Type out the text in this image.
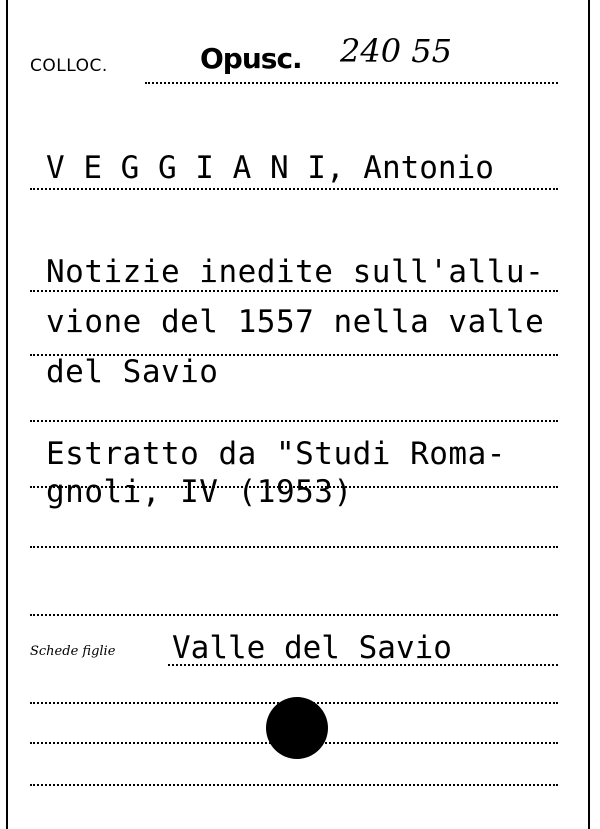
COLLOC.	Opusc. 240 55
V E G G I A N I, Antonio
Notizie inedite sull'allu-
vione del 1557 nella valle
del Savio
Estratto da "Studi Roma-
gnoli, IV (1953)
Schede figlie Valle del Savio
